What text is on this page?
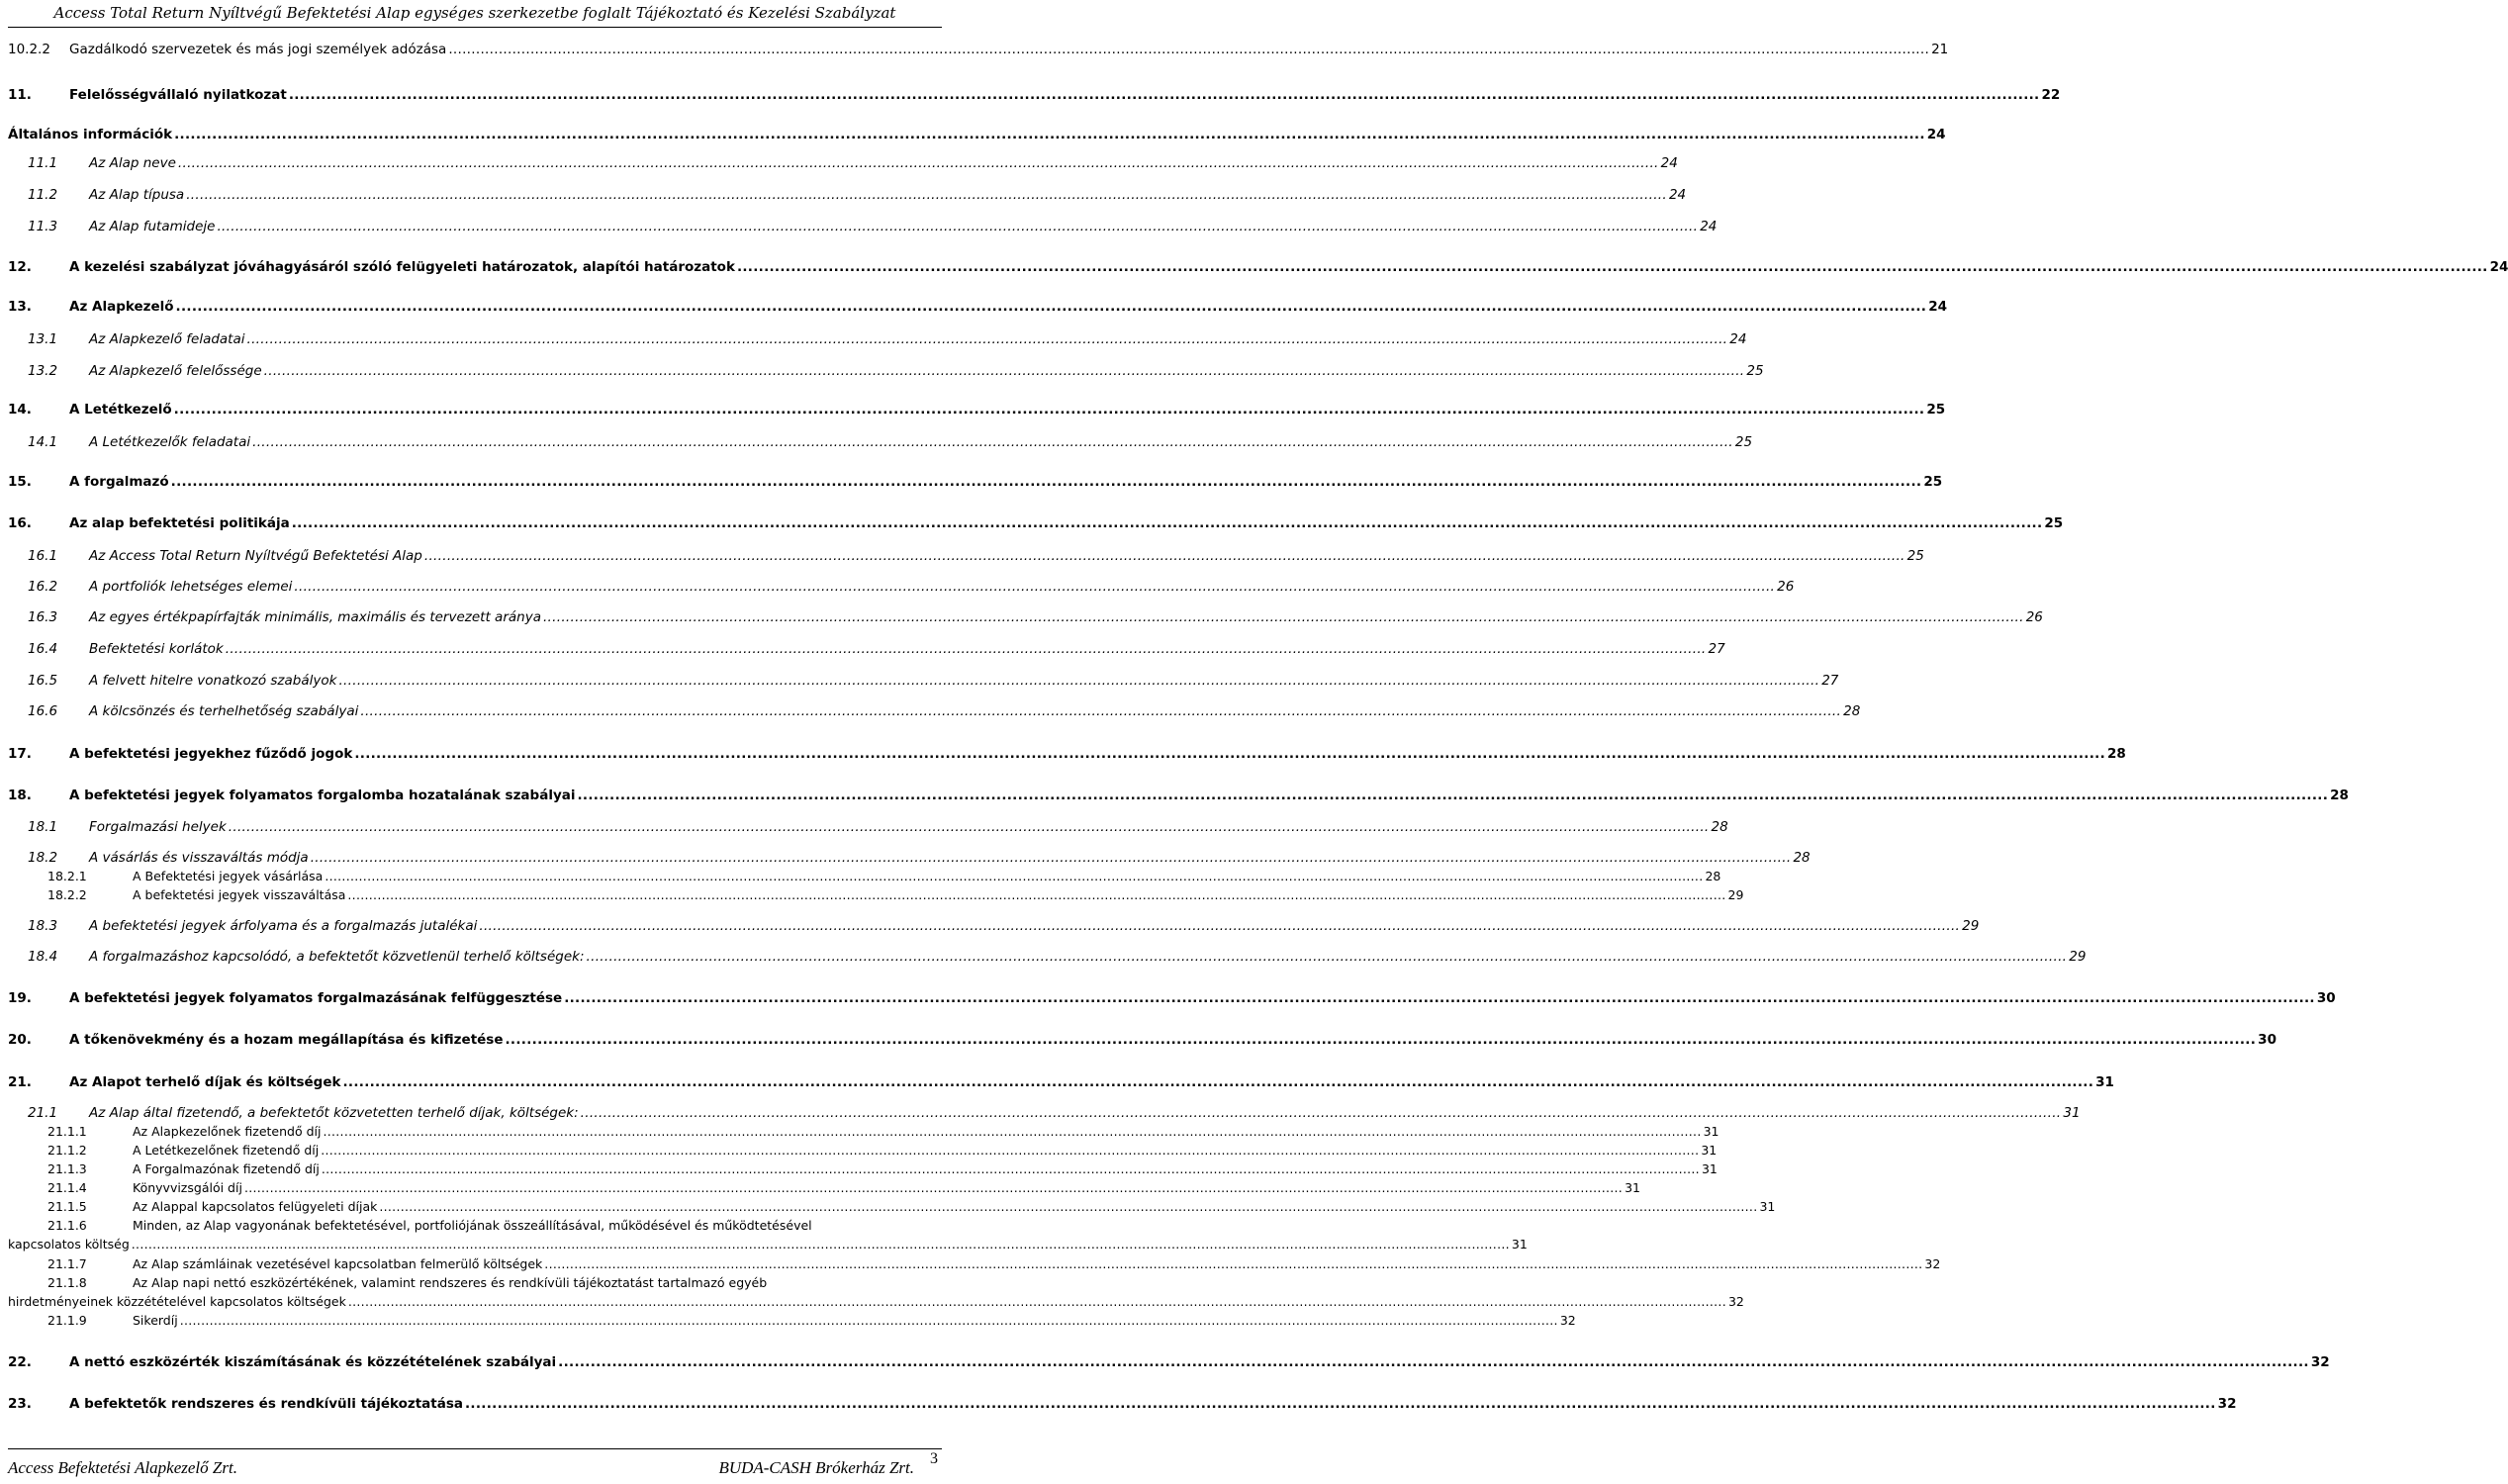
Access Total Return Nyíltvégű Befektetési Alap egységes szerkezetbe foglalt Tájékoztató és Kezelési Szabályzat
10.2.2	Gazdálkodó szervezetek és más jogi személyek adózása .....	21
11.	Felelősségvállaló nyilatkozat .....	22
Általános információk .....	24
11.1	Az Alap neve .....	24
11.2	Az Alap típusa .....	24
11.3	Az Alap futamideje .....	24
12.	A kezelési szabályzat jóváhagyásáról szóló felügyeleti határozatok, alapítói határozatok .....	24
13.	Az Alapkezelő .....	24
13.1	Az Alapkezelő feladatai .....	24
13.2	Az Alapkezelő felelőssége .....	25
14.	A Letétkezelő .....	25
14.1	A Letétkezelők feladatai .....	25
15.	A forgalmazó .....	25
16.	Az alap befektetési politikája .....	25
16.1	Az Access Total Return Nyíltvégű Befektetési Alap .....	25
16.2	A portfoliók lehetséges elemei .....	26
16.3	Az egyes értékpapírfajták minimális, maximális és tervezett aránya .....	26
16.4	Befektetési korlátok .....	27
16.5	A felvett hitelre vonatkozó szabályok .....	27
16.6	A kölcsönzés és terhelhetőség szabályai .....	28
17.	A befektetési jegyekhez fűződő jogok .....	28
18.	A befektetési jegyek folyamatos forgalomba hozatalának szabályai .....	28
18.1	Forgalmazási helyek .....	28
18.2	A vásárlás és visszaváltás módja .....	28
18.2.1	A Befektetési jegyek vásárlása .....	28
18.2.2	A befektetési jegyek visszaváltása .....	29
18.3	A befektetési jegyek árfolyama és a forgalmazás jutalékai .....	29
18.4	A forgalmazáshoz kapcsolódó, a befektetőt közvetlenül terhelő költségek: .....	29
19.	A befektetési jegyek folyamatos forgalmazásának felfüggesztése .....	30
20.	A tőkenövekmény és a hozam megállapítása és kifizetése .....	30
21.	Az Alapot terhelő díjak és költségek .....	31
21.1	Az Alap által fizetendő, a befektetőt közvetetten terhelő díjak, költségek: .....	31
21.1.1	Az Alapkezelőnek fizetendő díj .....	31
21.1.2	A Letétkezelőnek fizetendő díj .....	31
21.1.3	A Forgalmazónak fizetendő díj .....	31
21.1.4	Könyvvizsgálói díj .....	31
21.1.5	Az Alappal kapcsolatos felügyeleti díjak .....	31
21.1.6	Minden, az Alap vagyonának befektetésével, portfoliójának összeállításával, működésével és működtetésével
kapcsolatos költség .....	31
21.1.7	Az Alap számláinak vezetésével kapcsolatban felmerülő költségek .....	32
21.1.8	Az Alap napi nettó eszközértékének, valamint rendszeres és rendkívüli tájékoztatást tartalmazó egyéb
hirdetményeinek közzétételével kapcsolatos költségek .....	32
21.1.9	Sikerdíj .....	32
22.	A nettó eszközérték kiszámításának és közzétételének szabályai .....	32
23.	A befektetők rendszeres és rendkívüli tájékoztatása .....	32
Access Befektetési Alapkezelő Zrt.	BUDA-CASH Brókerház Zrt. 3
